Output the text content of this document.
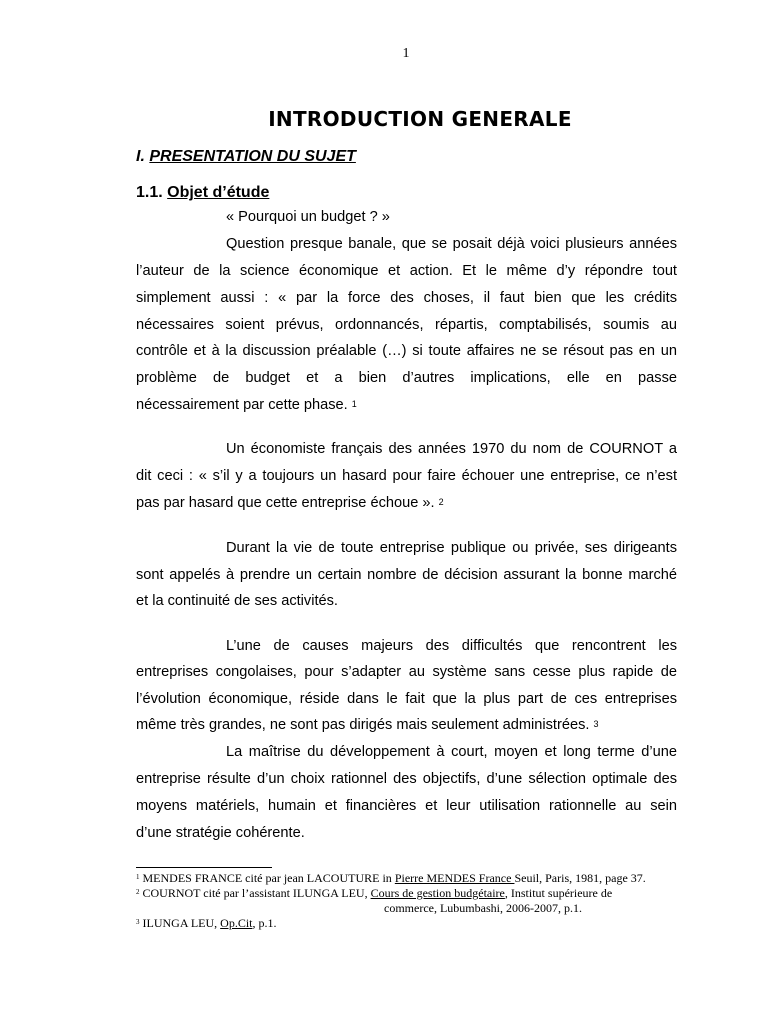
1
INTRODUCTION GENERALE
I. PRESENTATION DU SUJET
1.1. Objet d’étude
« Pourquoi un budget ? »
Question presque banale, que se posait déjà voici plusieurs années
l’auteur de la science économique et action. Et le même d’y répondre tout
simplement aussi : « par la force des choses, il faut bien que les crédits
nécessaires soient prévus, ordonnancés, répartis, comptabilisés, soumis au
contrôle et à la discussion préalable (…) si toute affaires ne se résout pas en un
problème de budget et a bien d’autres implications, elle en passe
nécessairement par cette phase. $^1$
Un économiste français des années 1970 du nom de COURNOT a
dit ceci : « s’il y a toujours un hasard pour faire échouer une entreprise, ce n’est
pas par hasard que cette entreprise échoue ». $^2$
Durant la vie de toute entreprise publique ou privée, ses dirigeants
sont appelés à prendre un certain nombre de décision assurant la bonne marché
et la continuité de ses activités.
L’une de causes majeurs des difficultés que rencontrent les
entreprises congolaises, pour s’adapter au système sans cesse plus rapide de
l’évolution économique, réside dans le fait que la plus part de ces entreprises
même très grandes, ne sont pas dirigés mais seulement administrées. $^3$
La maîtrise du développement à court, moyen et long terme d’une
entreprise résulte d’un choix rationnel des objectifs, d’une sélection optimale des
moyens matériels, humain et financières et leur utilisation rationnelle au sein
d’une stratégie cohérente.
$^1$ MENDES FRANCE cité par jean LACOUTURE in Pierre MENDES France Seuil, Paris, 1981, page 37.
$^2$ COURNOT cité par l’assistant ILUNGA LEU, Cours de gestion budgétaire, Institut supérieure de
commerce, Lubumbashi, 2006-2007, p.1.
$^3$ ILUNGA LEU, Op.Cit, p.1.
